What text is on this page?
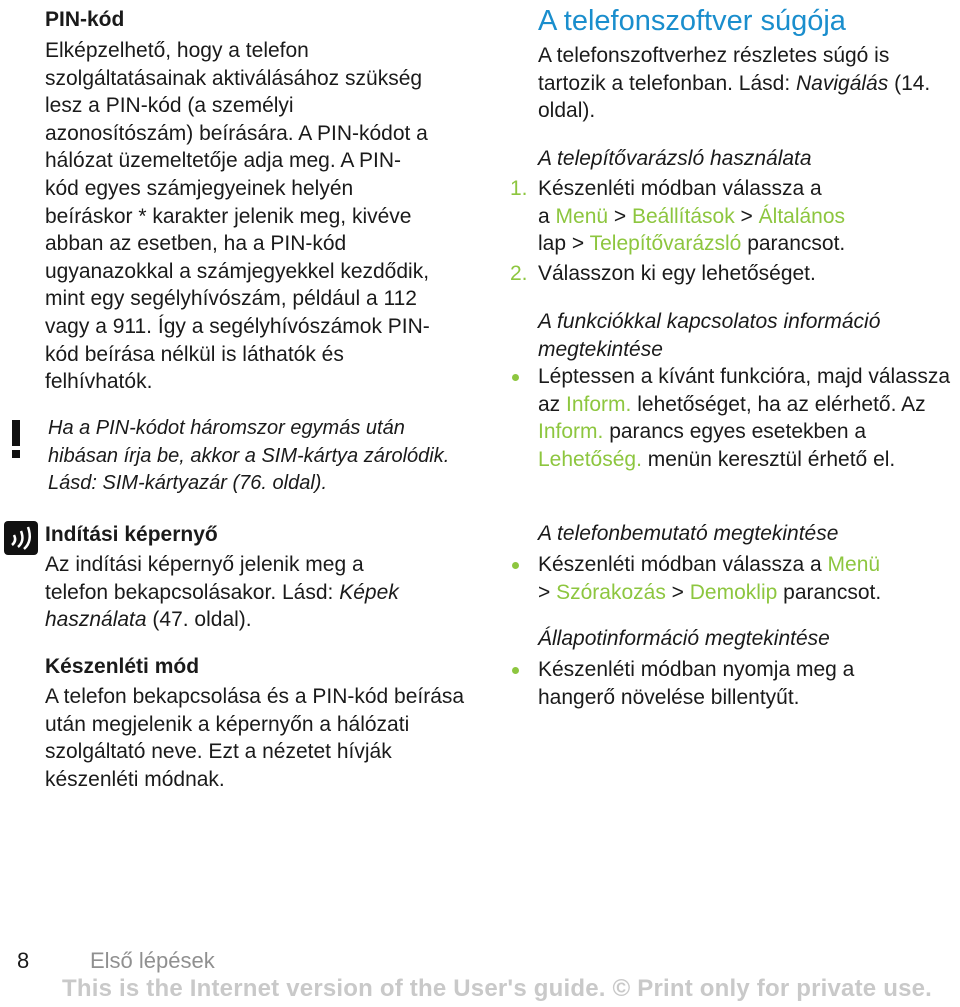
PIN-kód

Elképzelhető, hogy a telefon szolgáltatásainak aktiválásához szükség lesz a PIN-kód (a személyi azonosítószám) beírására. A PIN-kódot a hálózat üzemeltetője adja meg. A PIN-kód egyes számjegyeinek helyén beíráskor * karakter jelenik meg, kivéve abban az esetben, ha a PIN-kód ugyanazokkal a számjegyekkel kezdődik, mint egy segélyhívószám, például a 112 vagy a 911. Így a segélyhívószámok PIN-kód beírása nélkül is láthatók és felhívhatók.

Indítási képernyő

Az indítási képernyő jelenik meg a telefon bekapcsolásakor. Lásd: Képek használata (47. oldal).

Készenléti mód

A telefon bekapcsolása és a PIN-kód beírása után megjelenik a képernyőn a hálózati szolgáltató neve. Ezt a nézetet hívják készenléti módnak.

Ha a PIN-kódot háromszor egymás után hibásan írja be, akkor a SIM-kártya zárolódik. Lásd: SIM-kártyazár (76. oldal).

A telefonszoftver súgója

A telefonszoftverhez részletes súgó is tartozik a telefonban. Lásd: Navigálás (14. oldal).

A telepítővarázsló használata

1. Készenléti módban válassza a
a Menü > Beállítások > Általános
lap > Telepítővarázsló parancsot.
2. Válasszon ki egy lehetőséget.

A funkciókkal kapcsolatos információ megtekintése

Léptessen a kívánt funkcióra, majd válassza az Inform. lehetőséget, ha az elérhető. Az Inform. parancs egyes esetekben a Lehetőség. menün keresztül érhető el.

A telefonbemutató megtekintése

Készenléti módban válassza a Menü
> Szórakozás > Demoklip parancsot.

Állapotinformáció megtekintése

Készenléti módban nyomja meg a hangerő növelése billentyűt.
8	Első lépések
This is the Internet version of the User's guide. © Print only for private use.
